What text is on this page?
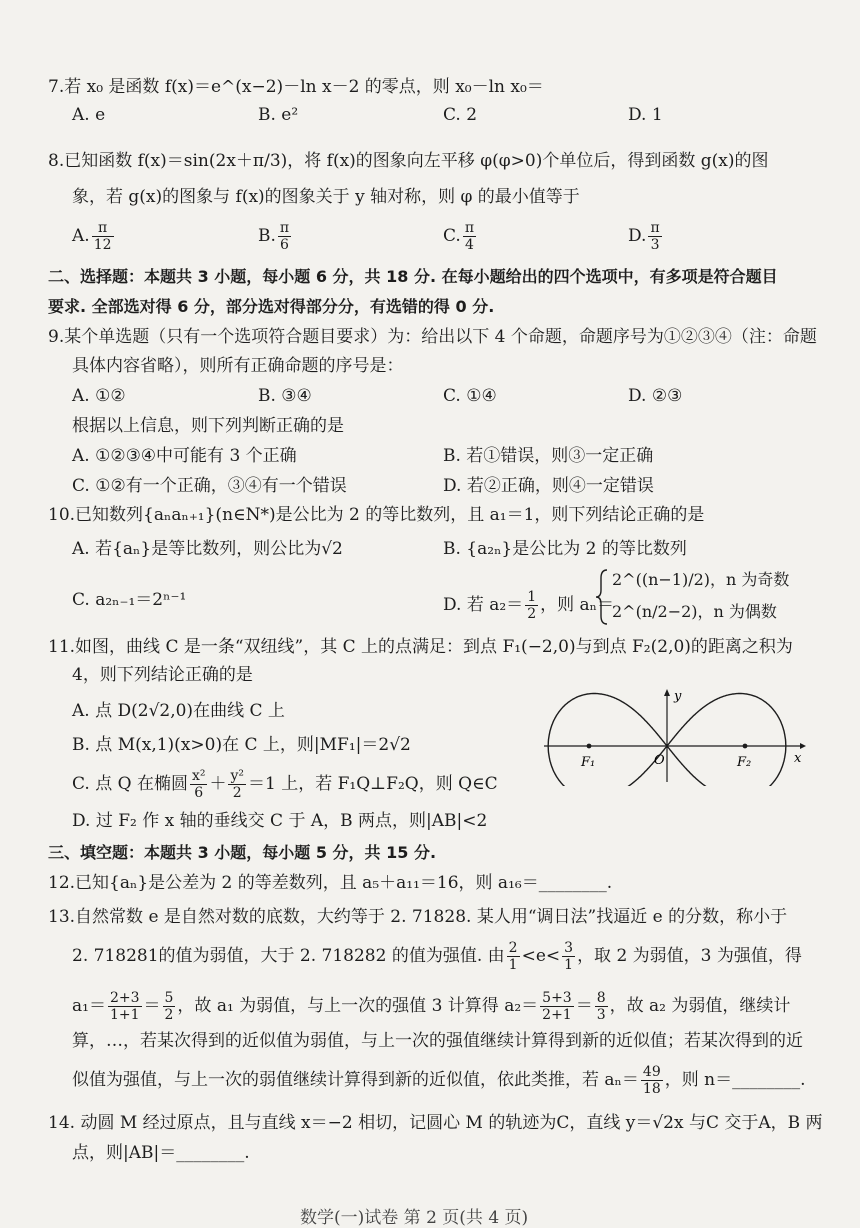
7.若 x₀ 是函数 f(x)＝e^(x−2)－ln x－2 的零点，则 x₀－ln x₀＝
A. e	B. e²	C. 2	D. 1
8.已知函数 f(x)＝sin(2x＋π/3)，将 f(x)的图象向左平移 φ(φ>0)个单位后，得到函数 g(x)的图
象，若 g(x)的图象与 f(x)的图象关于 y 轴对称，则 φ 的最小值等于
A. $\frac{\pi}{12}$	B. $\frac{\pi}{6}$	C. $\frac{\pi}{4}$	D. $\frac{\pi}{3}$
二、选择题：本题共 3 小题，每小题 6 分，共 18 分. 在每小题给出的四个选项中，有多项是符合题目
要求. 全部选对得 6 分，部分选对得部分分，有选错的得 0 分.
9.某个单选题（只有一个选项符合题目要求）为：给出以下 4 个命题，命题序号为①②③④（注：命题
具体内容省略），则所有正确命题的序号是：
A. ①②	B. ③④	C. ①④	D. ②③
根据以上信息，则下列判断正确的是
A. ①②③④中可能有 3 个正确	B. 若①错误，则③一定正确
C. ①②有一个正确，③④有一个错误	D. 若②正确，则④一定错误
10.已知数列{aₙaₙ₊₁}(n∈N*)是公比为 2 的等比数列，且 a₁＝1，则下列结论正确的是
A. 若{aₙ}是等比数列，则公比为√2	B. {a₂ₙ}是公比为 2 的等比数列
C. a₂ₙ₋₁＝2ⁿ⁻¹	D. 若 $a_2= \frac{1}{2}$ ，则 aₙ＝
2^((n−1)/2)，n 为奇数
2^(n/2−2)，n 为偶数
11.如图，曲线 C 是一条“双纽线”，其 C 上的点满足：到点 F₁(−2,0)与到点 F₂(2,0)的距离之积为
4，则下列结论正确的是
A. 点 D(2√2,0)在曲线 C 上
B. 点 M(x,1)(x>0)在 C 上，则|MF₁|＝2√2
C. 点 Q 在椭圆 $\frac{\text{x²}}{6} + \frac{\text{y²}}{2} =1$ 上，若 F₁Q⊥F₂Q，则 Q∈C
D. 过 F₂ 作 x 轴的垂线交 C 于 A，B 两点，则|AB|<2
y
x
O
F₁	F₂
三、填空题：本题共 3 小题，每小题 5 分，共 15 分.
12.已知{aₙ}是公差为 2 的等差数列，且 a₅＋a₁₁＝16，则 a₁₆＝________.
13.自然常数 e 是自然对数的底数，大约等于 2. 71828. 某人用“调日法”找逼近 e 的分数，称小于
2. 718281的值为弱值，大于 2. 718282 的值为强值. 由 $\frac{2}{1} <e< \frac{3}{1}$ ，取 2 为弱值，3 为强值，得
$a_1= \frac{2+3}{1+1} = \frac{5}{2}$ ，故 a₁ 为弱值，与上一次的强值 3 计算得 $a_2= \frac{5+3}{2+1} = \frac{8}{3}$ ，故 a₂ 为弱值，继续计
算，…，若某次得到的近似值为弱值，与上一次的强值继续计算得到新的近似值；若某次得到的近
似值为强值，与上一次的弱值继续计算得到新的近似值，依此类推，若 $a_n= \frac{49}{18}$ ，则 n＝________.
14. 动圆 M 经过原点，且与直线 x＝−2 相切，记圆心 M 的轨迹为C，直线 y＝√2x 与C 交于A，B 两
点，则|AB|＝________.
数学(一)试卷 第 2 页(共 4 页)
